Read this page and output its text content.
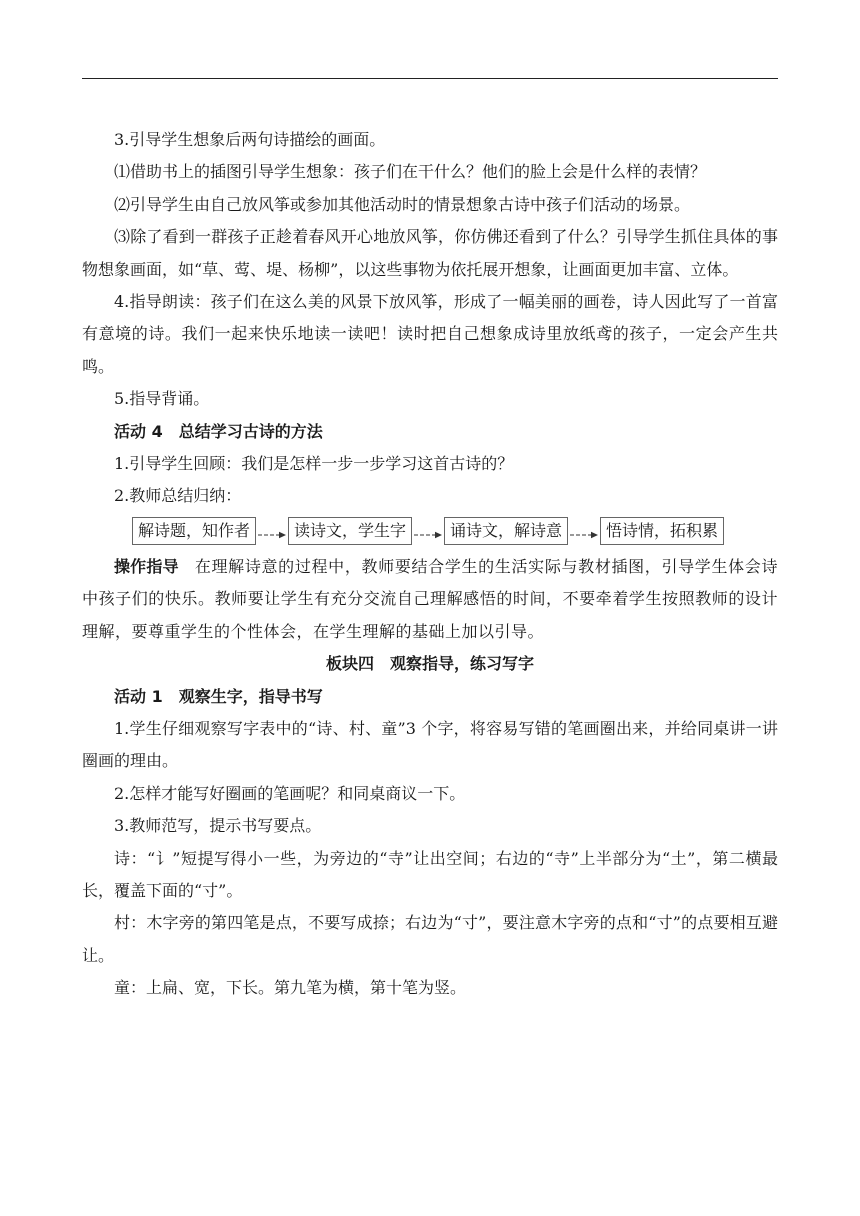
3.引导学生想象后两句诗描绘的画面。

⑴借助书上的插图引导学生想象：孩子们在干什么？他们的脸上会是什么样的表情？

⑵引导学生由自己放风筝或参加其他活动时的情景想象古诗中孩子们活动的场景。

⑶除了看到一群孩子正趁着春风开心地放风筝，你仿佛还看到了什么？引导学生抓住具体的事物想象画面，如“草、莺、堤、杨柳”，以这些事物为依托展开想象，让画面更加丰富、立体。

4.指导朗读：孩子们在这么美的风景下放风筝，形成了一幅美丽的画卷，诗人因此写了一首富有意境的诗。我们一起来快乐地读一读吧！读时把自己想象成诗里放纸鸢的孩子，一定会产生共鸣。

5.指导背诵。

活动 4　总结学习古诗的方法

1.引导学生回顾：我们是怎样一步一步学习这首古诗的？

2.教师总结归纳：

解诗题，知作者	读诗文，学生字	诵诗文，解诗意	悟诗情，拓积累

操作指导　 在理解诗意的过程中，教师要结合学生的生活实际与教材插图，引导学生体会诗中孩子们的快乐。教师要让学生有充分交流自己理解感悟的时间，不要牵着学生按照教师的设计理解，要尊重学生的个性体会，在学生理解的基础上加以引导。

板块四　观察指导，练习写字

活动 1　观察生字，指导书写

1.学生仔细观察写字表中的“诗、村、童”3 个字，将容易写错的笔画圈出来，并给同桌讲一讲圈画的理由。

2.怎样才能写好圈画的笔画呢？和同桌商议一下。

3.教师范写，提示书写要点。

诗：“讠”短提写得小一些，为旁边的“寺”让出空间；右边的“寺”上半部分为“土”，第二横最长，覆盖下面的“寸”。

村：木字旁的第四笔是点，不要写成捺；右边为“寸”，要注意木字旁的点和“寸”的点要相互避让。

童：上扁、宽，下长。第九笔为横，第十笔为竖。
